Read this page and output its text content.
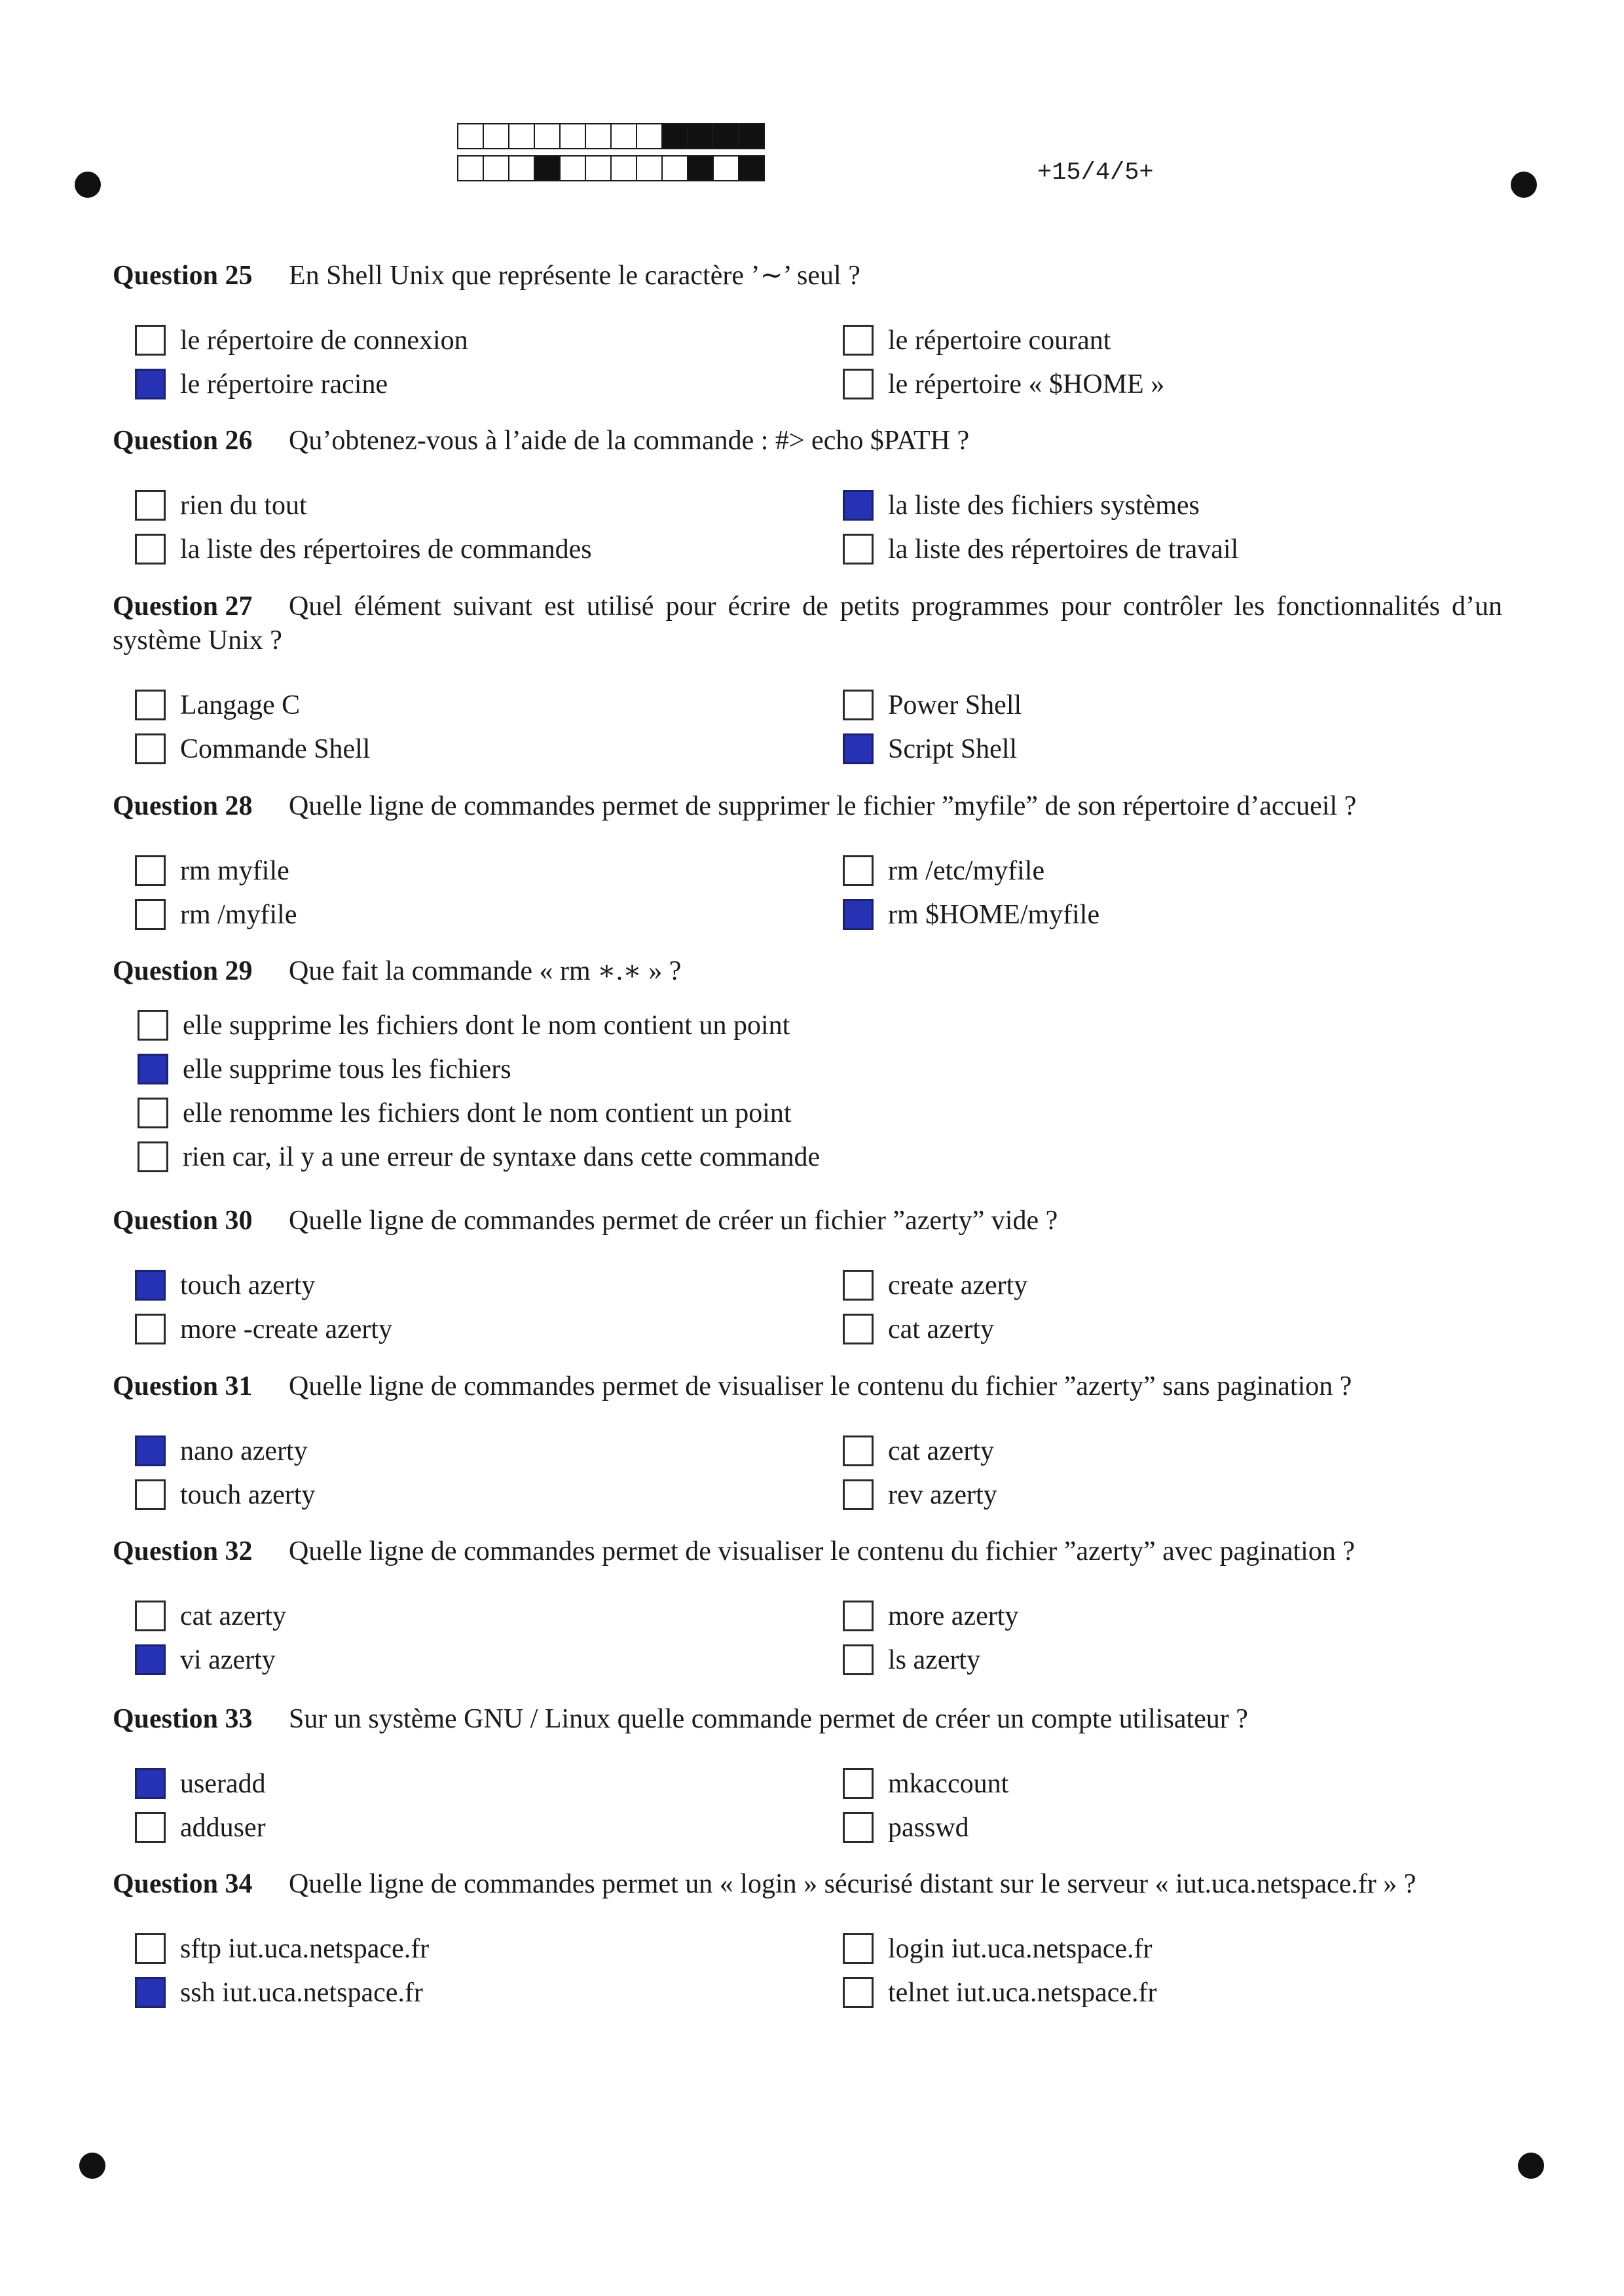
+15/4/5+

Question 25 En Shell Unix que représente le caractère ’∼’ seul ?

le répertoire de connexion
le répertoire racine
le répertoire courant
le répertoire « $HOME »

Question 26 Qu’obtenez-vous à l’aide de la commande : #> echo $PATH ?

rien du tout
la liste des répertoires de commandes
la liste des fichiers systèmes
la liste des répertoires de travail

Question 27 Quel élément suivant est utilisé pour écrire de petits programmes pour contrôler les fonctionnalités d’un système Unix ?

Langage C
Commande Shell
Power Shell
Script Shell

Question 28 Quelle ligne de commandes permet de supprimer le fichier ”myfile” de son répertoire d’accueil ?

rm myfile
rm /myfile
rm /etc/myfile
rm $HOME/myfile

Question 29 Que fait la commande « rm ∗.∗ » ?

elle supprime les fichiers dont le nom contient un point
elle supprime tous les fichiers
elle renomme les fichiers dont le nom contient un point
rien car, il y a une erreur de syntaxe dans cette commande

Question 30 Quelle ligne de commandes permet de créer un fichier ”azerty” vide ?

touch azerty
more -create azerty
create azerty
cat azerty

Question 31 Quelle ligne de commandes permet de visualiser le contenu du fichier ”azerty” sans pagination ?

nano azerty
touch azerty
cat azerty
rev azerty

Question 32 Quelle ligne de commandes permet de visualiser le contenu du fichier ”azerty” avec pagination ?

cat azerty
vi azerty
more azerty
ls azerty

Question 33 Sur un système GNU / Linux quelle commande permet de créer un compte utilisateur ?

useradd
adduser
mkaccount
passwd

Question 34 Quelle ligne de commandes permet un « login » sécurisé distant sur le serveur « iut.uca.netspace.fr » ?

sftp iut.uca.netspace.fr
ssh iut.uca.netspace.fr
login iut.uca.netspace.fr
telnet iut.uca.netspace.fr
